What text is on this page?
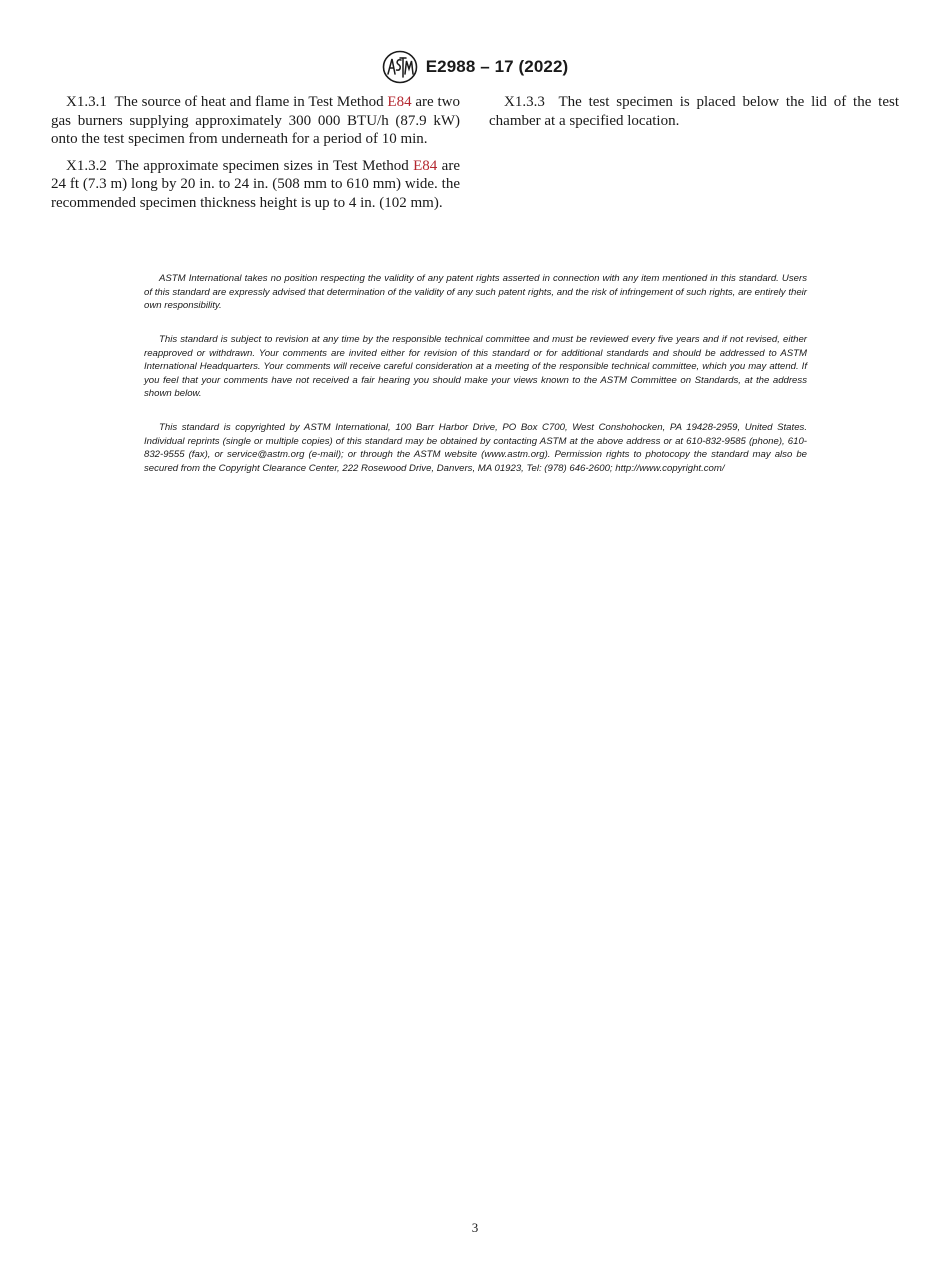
E2988 – 17 (2022)

X1.3.1 The source of heat and flame in Test Method E84 are two gas burners supplying approximately 300 000 BTU/h (87.9 kW) onto the test specimen from underneath for a period of 10 min.

X1.3.2 The approximate specimen sizes in Test Method E84 are 24 ft (7.3 m) long by 20 in. to 24 in. (508 mm to 610 mm) wide. the recommended specimen thickness height is up to 4 in. (102 mm).

X1.3.3 The test specimen is placed below the lid of the test chamber at a specified location.

ASTM International takes no position respecting the validity of any patent rights asserted in connection with any item mentioned in this standard. Users of this standard are expressly advised that determination of the validity of any such patent rights, and the risk of infringement of such rights, are entirely their own responsibility.

This standard is subject to revision at any time by the responsible technical committee and must be reviewed every five years and if not revised, either reapproved or withdrawn. Your comments are invited either for revision of this standard or for additional standards and should be addressed to ASTM International Headquarters. Your comments will receive careful consideration at a meeting of the responsible technical committee, which you may attend. If you feel that your comments have not received a fair hearing you should make your views known to the ASTM Committee on Standards, at the address shown below.

This standard is copyrighted by ASTM International, 100 Barr Harbor Drive, PO Box C700, West Conshohocken, PA 19428-2959, United States. Individual reprints (single or multiple copies) of this standard may be obtained by contacting ASTM at the above address or at 610-832-9585 (phone), 610-832-9555 (fax), or service@astm.org (e-mail); or through the ASTM website (www.astm.org). Permission rights to photocopy the standard may also be secured from the Copyright Clearance Center, 222 Rosewood Drive, Danvers, MA 01923, Tel: (978) 646-2600; http://www.copyright.com/

3
